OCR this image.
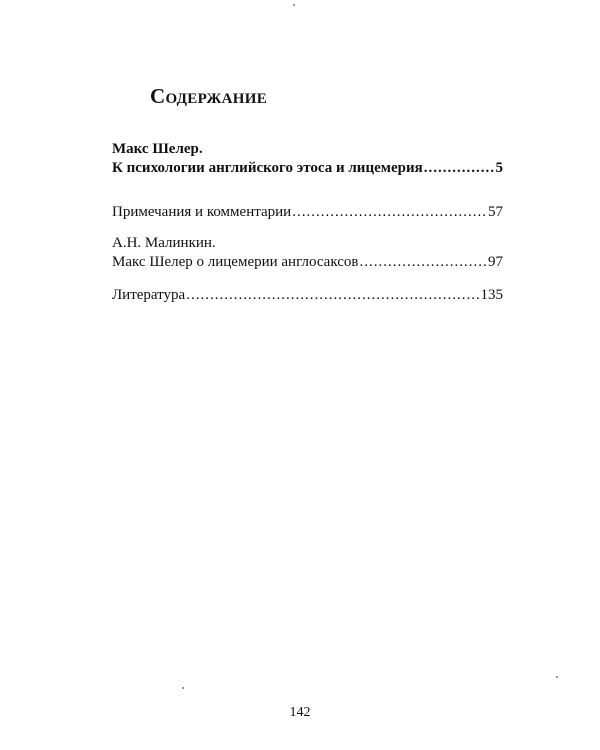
Содержание
Макс Шелер.
К психологии английского этоса и лицемерия .....	5
Примечания и комментарии .....	57
А.Н. Малинкин.
Макс Шелер о лицемерии англосаксов .....	97
Литература .....	135
142
